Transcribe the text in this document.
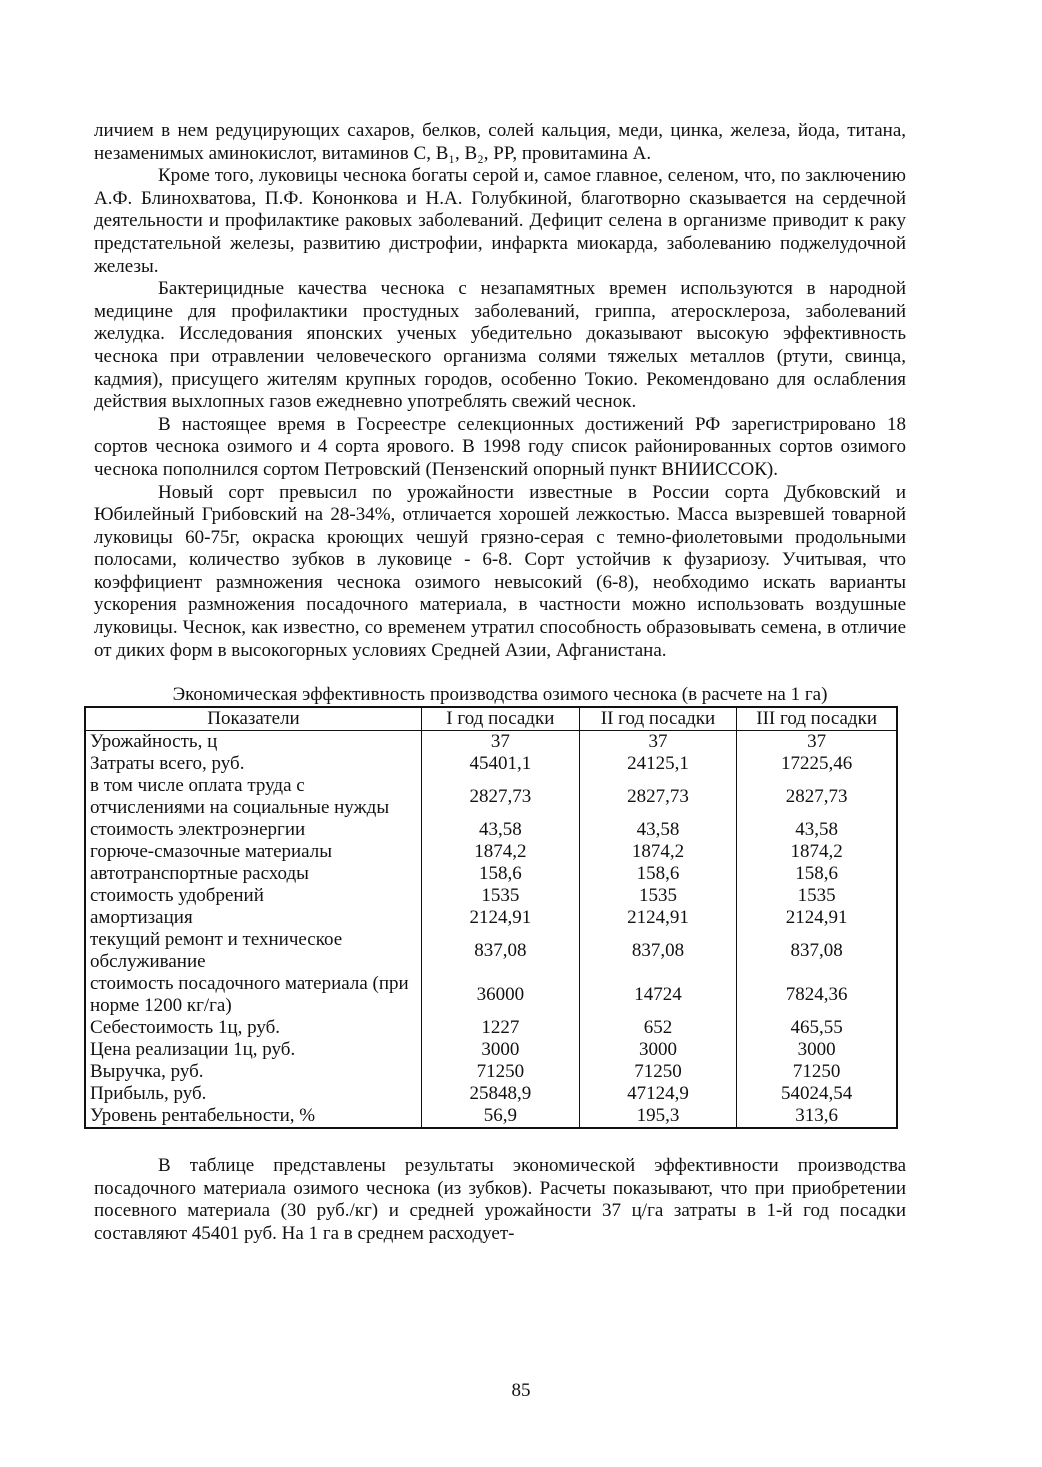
личием в нем редуцирующих сахаров, белков, солей кальция, меди, цинка, железа, йода, титана, незаменимых аминокислот, витаминов С, B₁, B₂, PP, провитамина А.

Кроме того, луковицы чеснока богаты серой и, самое главное, селеном, что, по заключению А.Ф. Блинохватова, П.Ф. Кононкова и Н.А. Голубкиной, благотворно сказывается на сердечной деятельности и профилактике раковых заболеваний. Дефицит селена в организме приводит к раку предстательной железы, развитию дистрофии, инфаркта миокарда, заболеванию поджелудочной железы.

Бактерицидные качества чеснока с незапамятных времен используются в народной медицине для профилактики простудных заболеваний, гриппа, атеросклероза, заболеваний желудка. Исследования японских ученых убедительно доказывают высокую эффективность чеснока при отравлении человеческого организма солями тяжелых металлов (ртути, свинца, кадмия), присущего жителям крупных городов, особенно Токио. Рекомендовано для ослабления действия выхлопных газов ежедневно употреблять свежий чеснок.

В настоящее время в Госреестре селекционных достижений РФ зарегистрировано 18 сортов чеснока озимого и 4 сорта ярового. В 1998 году список районированных сортов озимого чеснока пополнился сортом Петровский (Пензенский опорный пункт ВНИИССОК).

Новый сорт превысил по урожайности известные в России сорта Дубковский и Юбилейный Грибовский на 28-34%, отличается хорошей лежкостью. Масса вызревшей товарной луковицы 60-75г, окраска кроющих чешуй грязно-серая с темно-фиолетовыми продольными полосами, количество зубков в луковице - 6-8. Сорт устойчив к фузариозу. Учитывая, что коэффициент размножения чеснока озимого невысокий (6-8), необходимо искать варианты ускорения размножения посадочного материала, в частности можно использовать воздушные луковицы. Чеснок, как известно, со временем утратил способность образовывать семена, в отличие от диких форм в высокогорных условиях Средней Азии, Афганистана.

Экономическая эффективность производства озимого чеснока (в расчете на 1 га)
Показатели	I год посадки	II год посадки	III год посадки
Урожайность, ц	37	37	37
Затраты всего, руб.	45401,1	24125,1	17225,46
в том числе оплата труда с отчислениями на социальные нужды	2827,73	2827,73	2827,73
стоимость электроэнергии	43,58	43,58	43,58
горюче-смазочные материалы	1874,2	1874,2	1874,2
автотранспортные расходы	158,6	158,6	158,6
стоимость удобрений	1535	1535	1535
амортизация	2124,91	2124,91	2124,91
текущий ремонт и техническое обслуживание	837,08	837,08	837,08
стоимость посадочного материала (при норме 1200 кг/га)	36000	14724	7824,36
Себестоимость 1ц, руб.	1227	652	465,55
Цена реализации 1ц, руб.	3000	3000	3000
Выручка, руб.	71250	71250	71250
Прибыль, руб.	25848,9	47124,9	54024,54
Уровень рентабельности, %	56,9	195,3	313,6

В таблице представлены результаты экономической эффективности производства посадочного материала озимого чеснока (из зубков). Расчеты показывают, что при приобретении посевного материала (30 руб./кг) и средней урожайности 37 ц/га затраты в 1-й год посадки составляют 45401 руб. На 1 га в среднем расходует-

85
